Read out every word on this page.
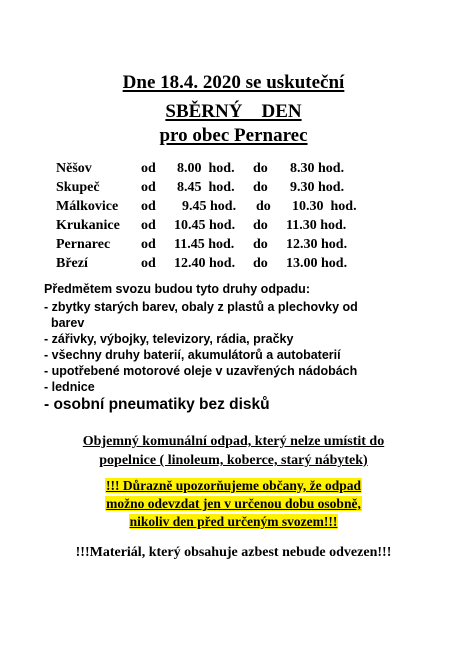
Dne 18.4. 2020 se uskuteční
SBĚRNÝ    DEN
pro obec Pernarec
Něšov	od 8.00  hod. do 8.30 hod.
Skupeč	od 8.45  hod. do 9.30 hod.
Málkovice od 9.45 hod. do 10.30  hod.
Krukanice od 10.45 hod. do 11.30 hod.
Pernarec od 11.45 hod. do 12.30 hod.
Březí	od 12.40 hod. do 13.00 hod.
Předmětem svozu budou tyto druhy odpadu:
- zbytky starých barev, obaly z plastů a plechovky od
barev
- zářivky, výbojky, televizory, rádia, pračky
- všechny druhy baterií, akumulátorů a autobaterií
- upotřebené motorové oleje v uzavřených nádobách
- lednice
- osobní pneumatiky bez disků
Objemný komunální odpad, který nelze umístit do
popelnice ( linoleum, koberce, starý nábytek)
!!! Důrazně upozorňujeme občany, že odpad
možno odevzdat jen v určenou dobu osobně,
nikoliv den před určeným svozem!!!
!!!Materiál, který obsahuje azbest nebude odvezen!!!
